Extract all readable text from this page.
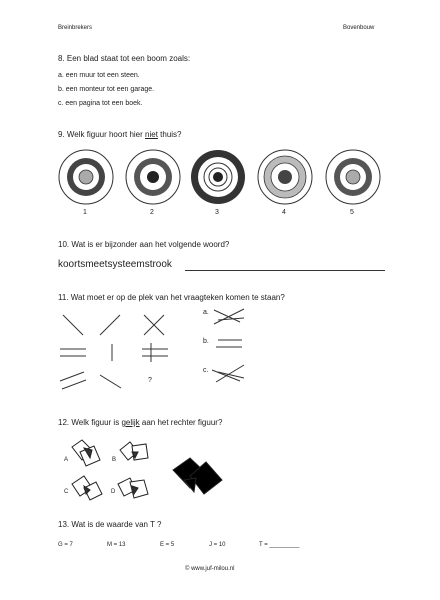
Breinbrekers	Bovenbouw
8. Een blad staat tot een boom zoals:
a. een muur tot een steen.
b. een monteur tot een garage.
c. een pagina tot een boek.
9. Welk figuur hoort hier niet thuis?
1	2	3	4	5
10. Wat is er bijzonder aan het volgende woord?
koortsmeetsysteemstrook
11. Wat moet er op de plek van het vraagteken komen te staan?
?
a.
b.
c.
12. Welk figuur is gelijk aan het rechter figuur?
A	B
C	D
13. Wat is de waarde van T ?
G = 7	M = 13	E = 5	J = 10	T = _________
© www.juf-milou.nl
